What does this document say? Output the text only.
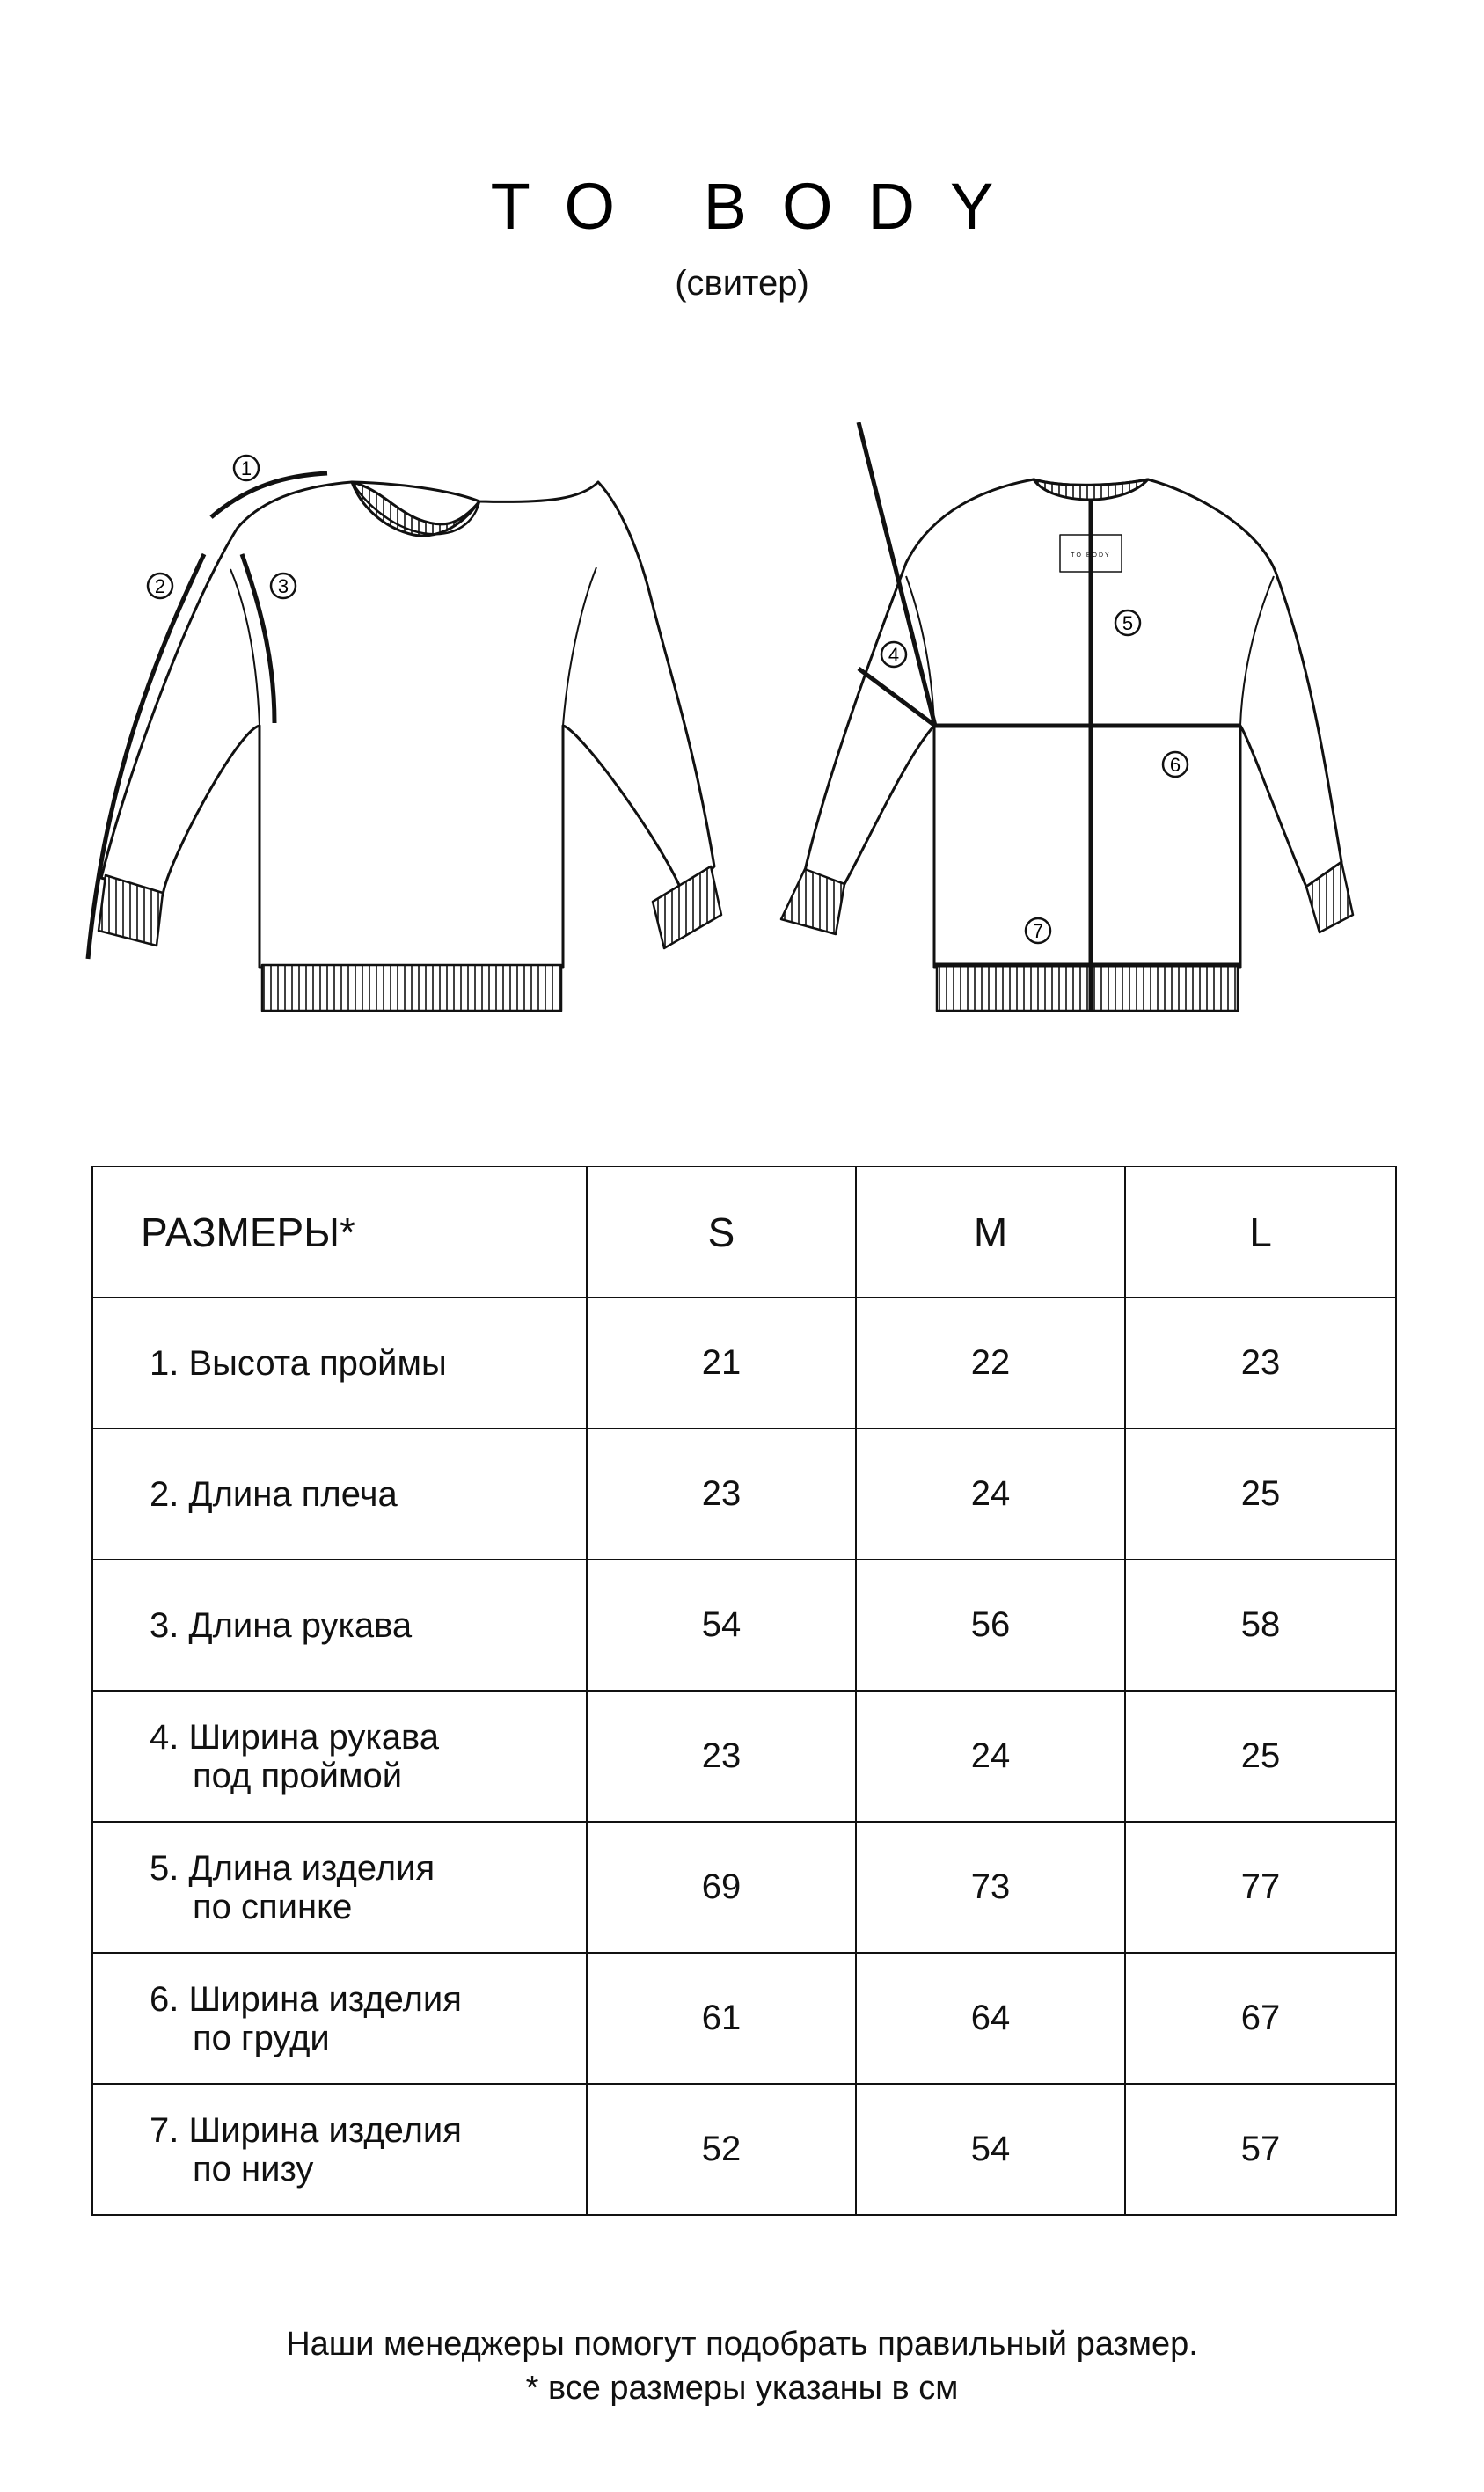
TO BODY
(свитер)
TO BODY
1
2	3
4
5
6
7
РАЗМЕРЫ*	S	M	L

1. Высота проймы	21	22	23

2. Длина плеча	23	24	25

3. Длина рукава	54	56	58

4. Ширина рукава
под проймой	23	24	25

5. Длина изделия
по спинке	69	73	77

6. Ширина изделия
по груди	61	64	67

7. Ширина изделия
по низу	52	54	57
Наши менеджеры помогут подобрать правильный размер.
* все размеры указаны в см
